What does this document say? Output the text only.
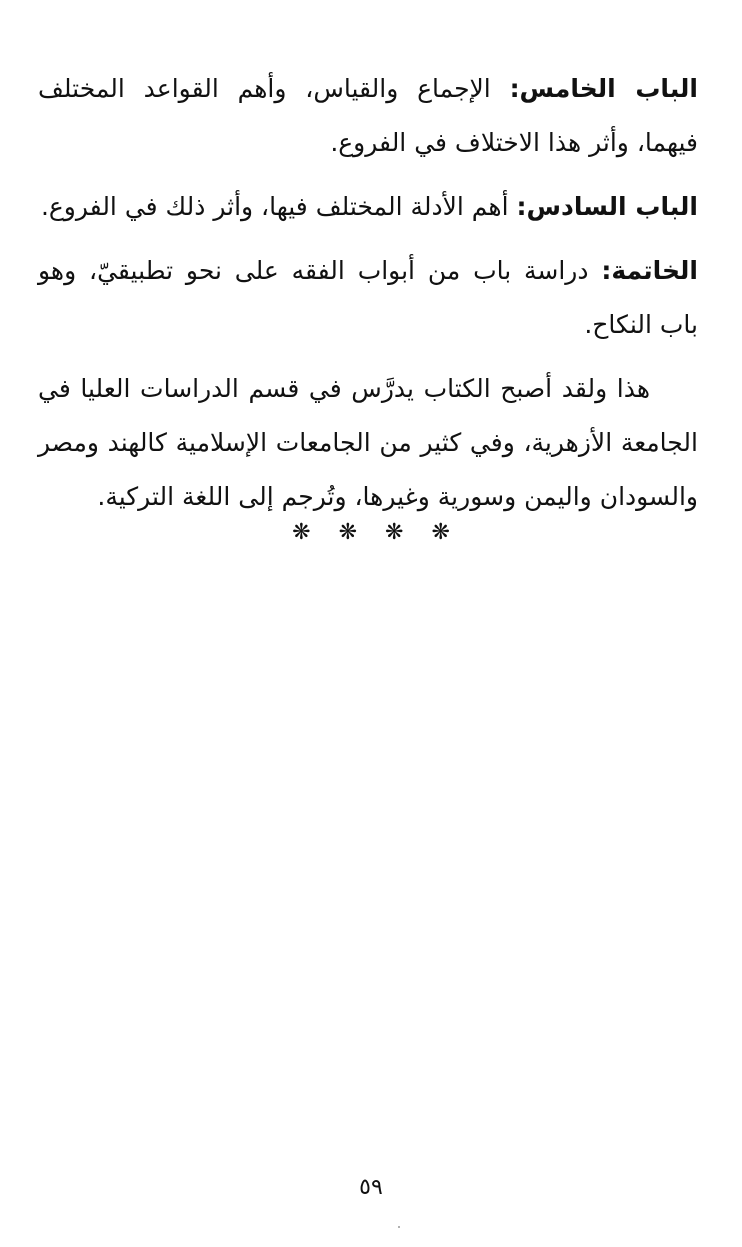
الباب الخامس: الإجماع والقياس، وأهم القواعد المختلف فيهما، وأثر هذا الاختلاف في الفروع.

الباب السادس: أهم الأدلة المختلف فيها، وأثر ذلك في الفروع.

الخاتمة: دراسة باب من أبواب الفقه على نحو تطبيقيّ، وهو باب النكاح.

هذا ولقد أصبح الكتاب يدرَّس في قسم الدراسات العليا في الجامعة الأزهرية، وفي كثير من الجامعات الإسلامية كالهند ومصر والسودان واليمن وسورية وغيرها، وتُرجم إلى اللغة التركية.

❋❋❋❋
٥٩
